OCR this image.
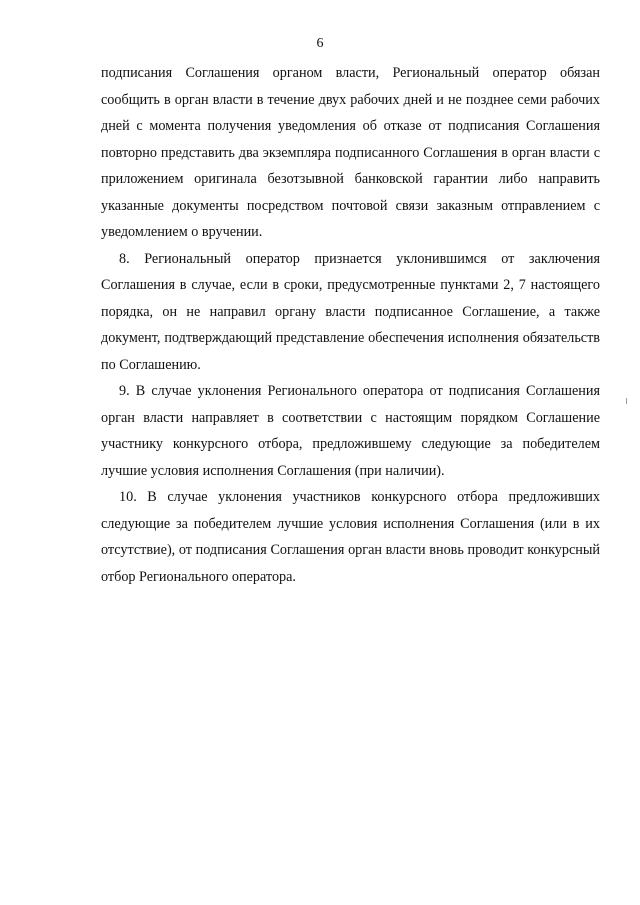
6

подписания Соглашения органом власти, Региональный оператор обязан сообщить в орган власти в течение двух рабочих дней и не позднее семи рабочих дней с момента получения уведомления об отказе от подписания Соглашения повторно представить два экземпляра подписанного Соглашения в орган власти с приложением оригинала безотзывной банковской гарантии либо направить указанные документы посредством почтовой связи заказным отправлением с уведомлением о вручении.

8. Региональный оператор признается уклонившимся от заключения Соглашения в случае, если в сроки, предусмотренные пунктами 2, 7 настоящего порядка, он не направил органу власти подписанное Соглашение, а также документ, подтверждающий представление обеспечения исполнения обязательств по Соглашению.

9. В случае уклонения Регионального оператора от подписания Соглашения орган власти направляет в соответствии с настоящим порядком Соглашение участнику конкурсного отбора, предложившему следующие за победителем лучшие условия исполнения Соглашения (при наличии).

10. В случае уклонения участников конкурсного отбора предложивших следующие за победителем лучшие условия исполнения Соглашения (или в их отсутствие), от подписания Соглашения орган власти вновь проводит конкурсный отбор Регионального оператора.
